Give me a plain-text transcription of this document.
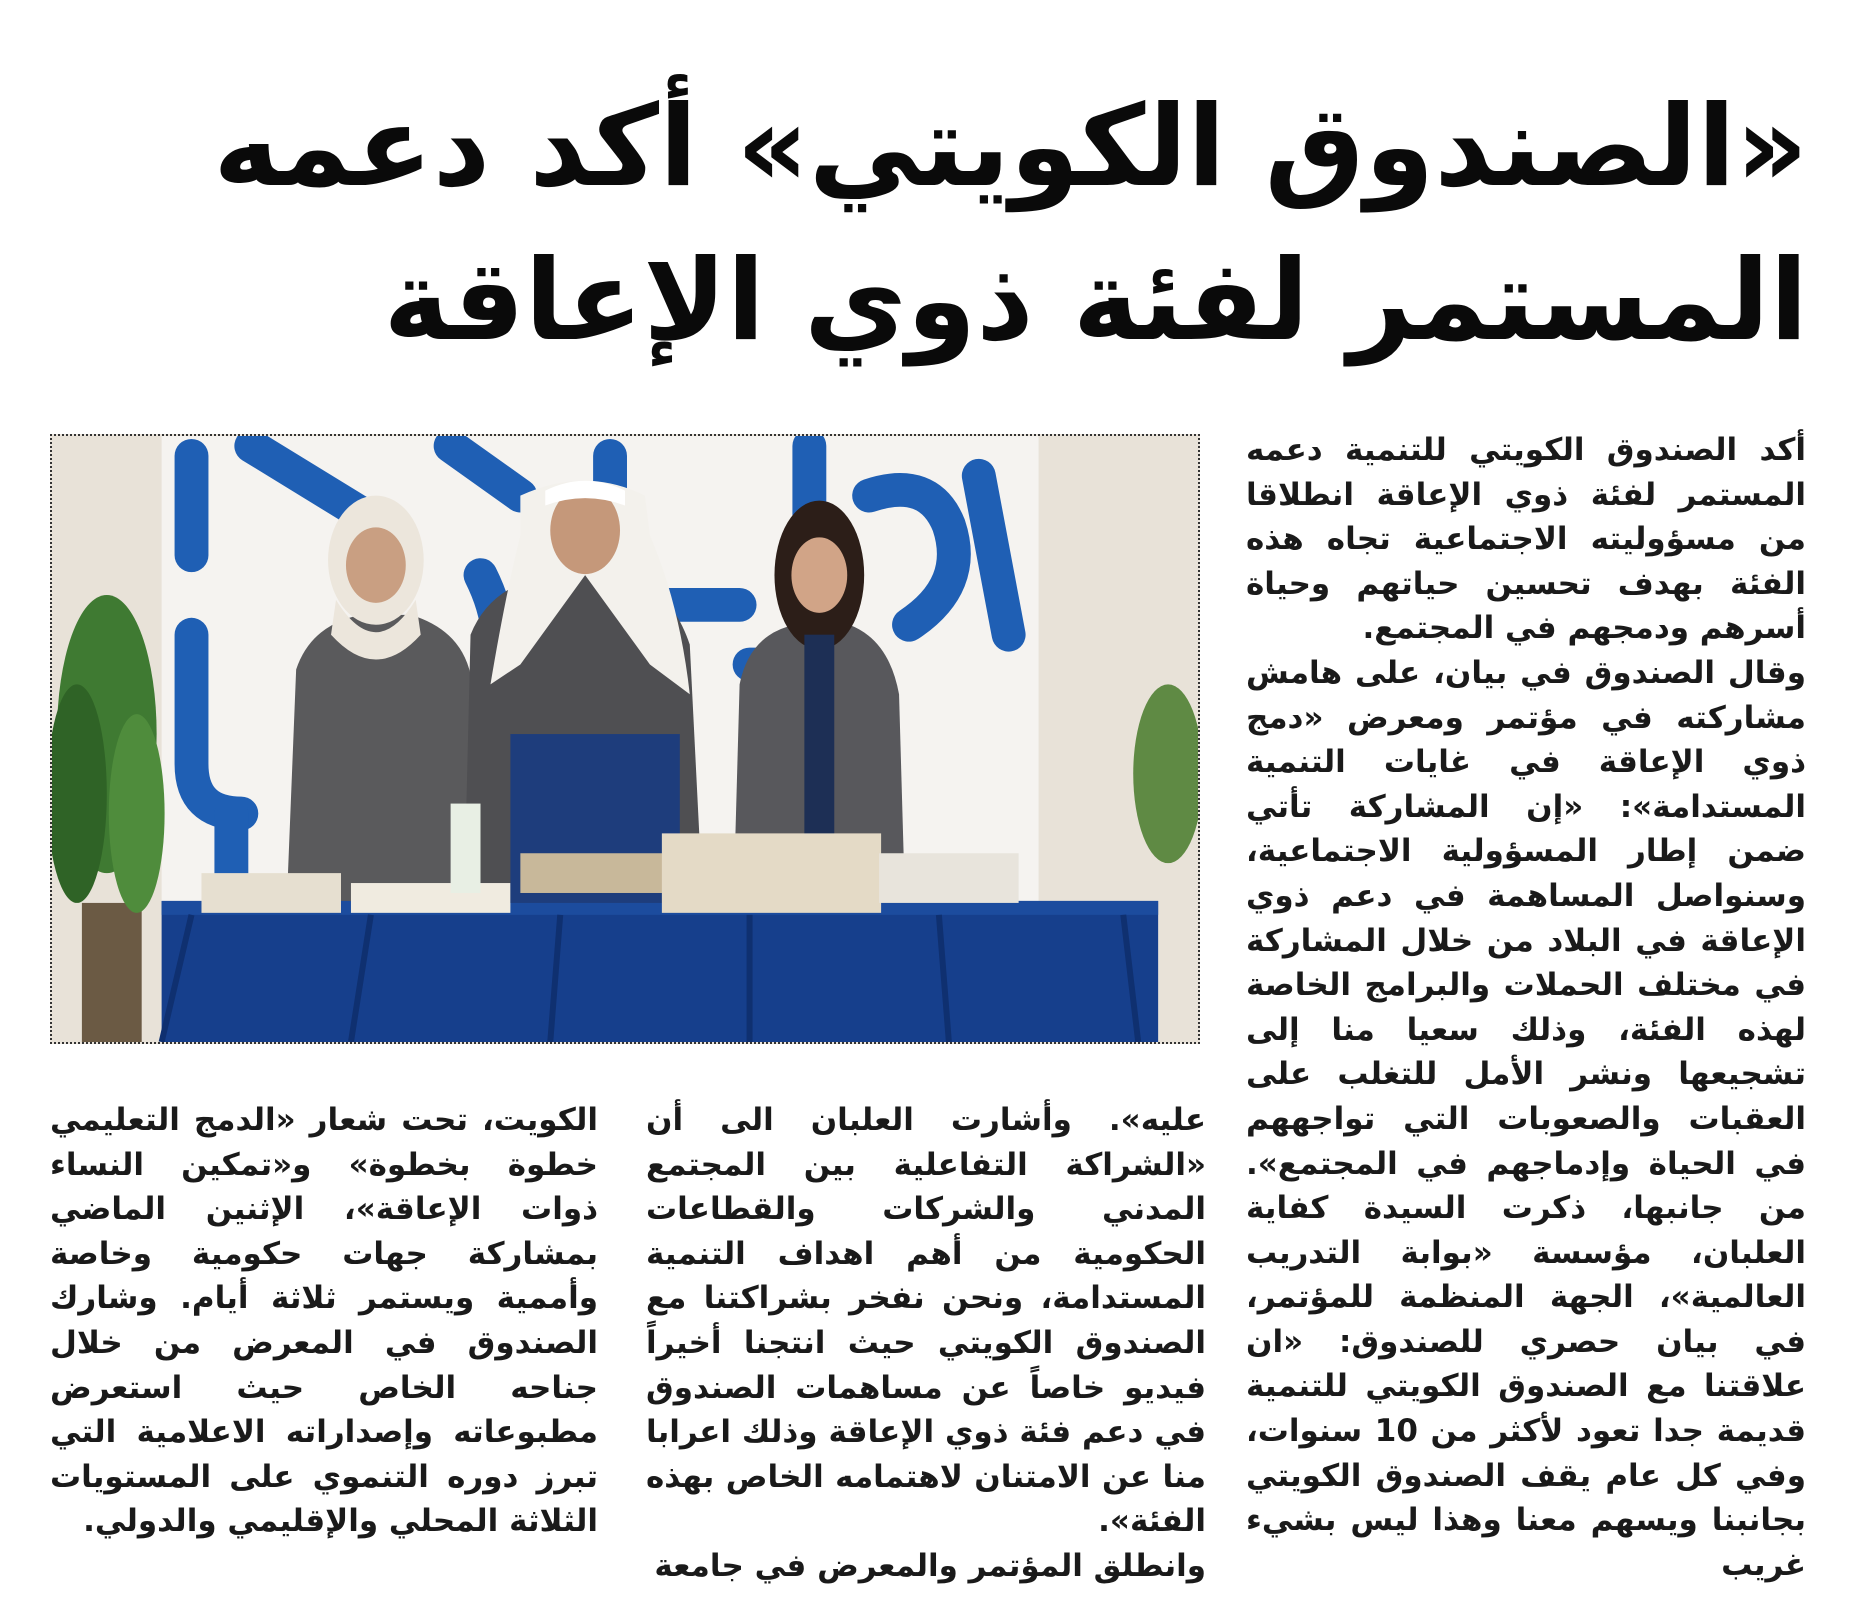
«الصندوق الكويتي» أكد دعمه
المستمر لفئة ذوي الإعاقة

أكد الصندوق الكويتي للتنمية دعمه المستمر لفئة ذوي الإعاقة انطلاقا من مسؤوليته الاجتماعية تجاه هذه الفئة بهدف تحسين حياتهم وحياة أسرهم ودمجهم في المجتمع.

وقال الصندوق في بيان، على هامش مشاركته في مؤتمر ومعرض «دمج ذوي الإعاقة في غايات التنمية المستدامة»: «إن المشاركة تأتي ضمن إطار المسؤولية الاجتماعية، وسنواصل المساهمة في دعم ذوي الإعاقة في البلاد من خلال المشاركة في مختلف الحملات والبرامج الخاصة لهذه الفئة، وذلك سعيا منا إلى تشجيعها ونشر الأمل للتغلب على العقبات والصعوبات التي تواجههم في الحياة وإدماجهم في المجتمع». من جانبها، ذكرت السيدة كفاية العلبان، مؤسسة «بوابة التدريب العالمية»، الجهة المنظمة للمؤتمر، في بيان حصري للصندوق: «ان علاقتنا مع الصندوق الكويتي للتنمية قديمة جدا تعود لأكثر من 10 سنوات، وفي كل عام يقف الصندوق الكويتي بجانبنا ويسهم معنا وهذا ليس بشيء غريب

عليه». وأشارت العلبان الى أن «الشراكة التفاعلية بين المجتمع المدني والشركات والقطاعات الحكومية من أهم اهداف التنمية المستدامة، ونحن نفخر بشراكتنا مع الصندوق الكويتي حيث انتجنا أخيراً فيديو خاصاً عن مساهمات الصندوق في دعم فئة ذوي الإعاقة وذلك اعرابا منا عن الامتنان لاهتمامه الخاص بهذه الفئة».

وانطلق المؤتمر والمعرض في جامعة

الكويت، تحت شعار «الدمج التعليمي خطوة بخطوة» و«تمكين النساء ذوات الإعاقة»، الإثنين الماضي بمشاركة جهات حكومية وخاصة وأممية ويستمر ثلاثة أيام. وشارك الصندوق في المعرض من خلال جناحه الخاص حيث استعرض مطبوعاته وإصداراته الاعلامية التي تبرز دوره التنموي على المستويات الثلاثة المحلي والإقليمي والدولي.
